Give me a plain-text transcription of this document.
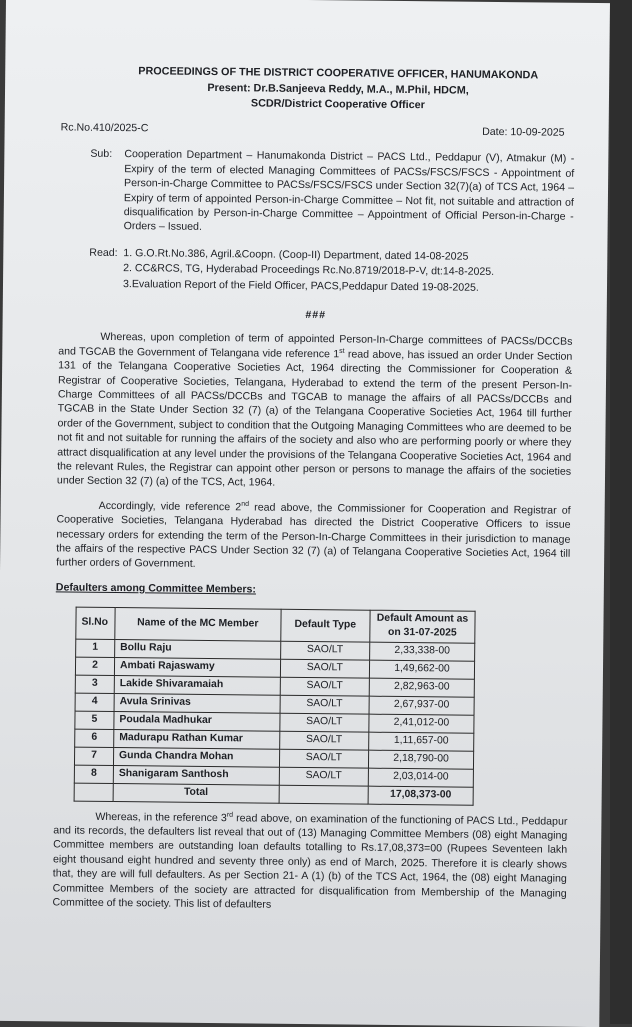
PROCEEDINGS OF THE DISTRICT COOPERATIVE OFFICER, HANUMAKONDA
Present: Dr.B.Sanjeeva Reddy, M.A., M.Phil, HDCM,
SCDR/District Cooperative Officer
Rc.No.410/2025-C	Date: 10-09-2025
Sub:	Cooperation Department – Hanumakonda District – PACS Ltd., Peddapur (V), Atmakur (M) - Expiry of the term of elected Managing Committees of PACSs/FSCS/FSCS - Appointment of Person-in-Charge Committee to PACSs/FSCS/FSCS under Section 32(7)(a) of TCS Act, 1964 – Expiry of term of appointed Person-in-Charge Committee – Not fit, not suitable and attraction of disqualification by Person-in-Charge Committee – Appointment of Official Person-in-Charge - Orders – Issued.
Read: 1. G.O.Rt.No.386, Agril.&Coopn. (Coop-II) Department, dated 14-08-2025
2. CC&RCS, TG, Hyderabad Proceedings Rc.No.8719/2018-P-V, dt:14-8-2025.
3.Evaluation Report of the Field Officer, PACS,Peddapur Dated 19-08-2025.
###

Whereas, upon completion of term of appointed Person-In-Charge committees of PACSs/DCCBs and TGCAB the Government of Telangana vide reference 1st read above, has issued an order Under Section 131 of the Telangana Cooperative Societies Act, 1964 directing the Commissioner for Cooperation & Registrar of Cooperative Societies, Telangana, Hyderabad to extend the term of the present Person-In-Charge Committees of all PACSs/DCCBs and TGCAB to manage the affairs of all PACSs/DCCBs and TGCAB in the State Under Section 32 (7) (a) of the Telangana Cooperative Societies Act, 1964 till further order of the Government, subject to condition that the Outgoing Managing Committees who are deemed to be not fit and not suitable for running the affairs of the society and also who are performing poorly or where they attract disqualification at any level under the provisions of the Telangana Cooperative Societies Act, 1964 and the relevant Rules, the Registrar can appoint other person or persons to manage the affairs of the societies under Section 32 (7) (a) of the TCS, Act, 1964.

Accordingly, vide reference 2nd read above, the Commissioner for Cooperation and Registrar of Cooperative Societies, Telangana Hyderabad has directed the District Cooperative Officers to issue necessary orders for extending the term of the Person-In-Charge Committees in their jurisdiction to manage the affairs of the respective PACS Under Section 32 (7) (a) of Telangana Cooperative Societies Act, 1964 till further orders of Government.

Defaulters among Committee Members:
Sl.No	Name of the MC Member	Default Type	Default Amount as on 31-07-2025
1	Bollu Raju	SAO/LT	2,33,338-00
2	Ambati Rajaswamy	SAO/LT	1,49,662-00
3	Lakide Shivaramaiah	SAO/LT	2,82,963-00
4	Avula Srinivas	SAO/LT	2,67,937-00
5	Poudala Madhukar	SAO/LT	2,41,012-00
6	Madurapu Rathan Kumar	SAO/LT	1,11,657-00
7	Gunda Chandra Mohan	SAO/LT	2,18,790-00
8	Shanigaram Santhosh	SAO/LT	2,03,014-00
	Total		17,08,373-00

Whereas, in the reference 3rd read above, on examination of the functioning of PACS Ltd., Peddapur and its records, the defaulters list reveal that out of (13) Managing Committee Members (08) eight Managing Committee members are outstanding loan defaults totalling to Rs.17,08,373=00 (Rupees Seventeen lakh eight thousand eight hundred and seventy three only) as end of March, 2025. Therefore it is clearly shows that, they are will full defaulters. As per Section 21- A (1) (b) of the TCS Act, 1964, the (08) eight Managing Committee Members of the society are attracted for disqualification from Membership of the Managing Committee of the society. This list of defaulters
